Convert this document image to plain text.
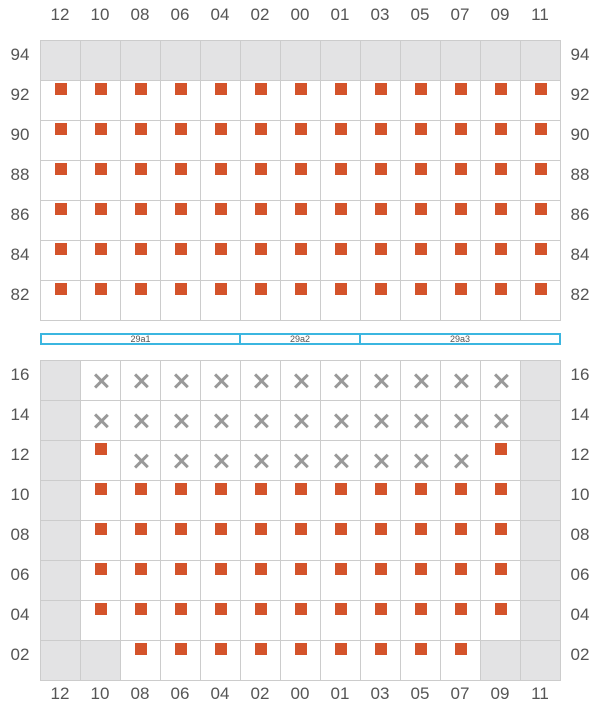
12	10	08	06	04	02	00	01	03	05	07	09	11
94
92
90
88
86
84
82
94
92
90
88
86
84
82
29a1	29a2	29a3
16
14
12
10
08
06
04
02
16
14
12
10
08
06
04
02
12	10	08	06	04	02	00	01	03	05	07	09	11
